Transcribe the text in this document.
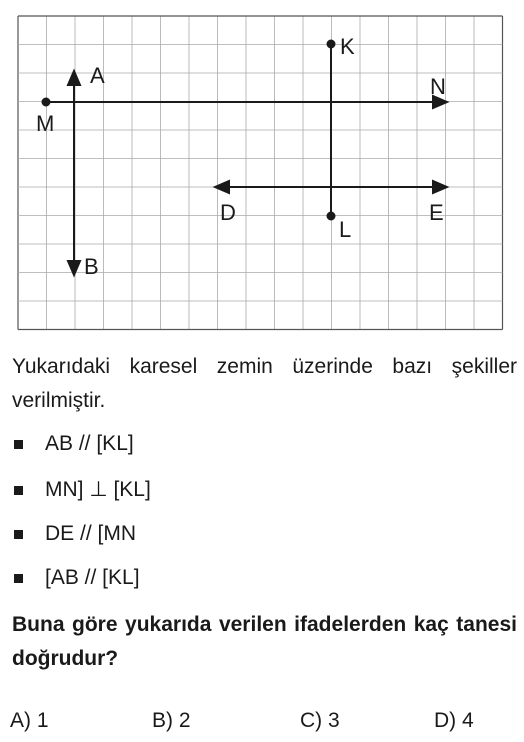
A
B
K
L
M
N
D	E
Yukarıdaki karesel zemin üzerinde bazı şekiller verilmiştir.
AB // [KL]
MN] ⊥ [KL]
DE // [MN
[AB // [KL]
Buna göre yukarıda verilen ifadelerden kaç tanesi doğrudur?
A) 1	B) 2	C) 3	D) 4
